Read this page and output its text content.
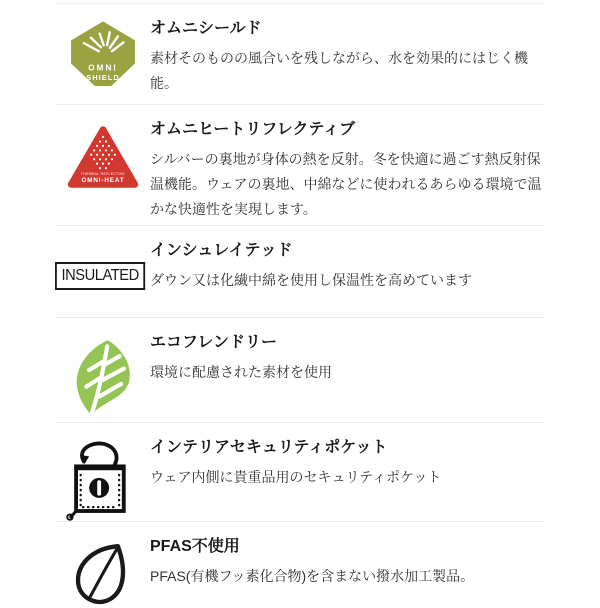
OMNI
SHIELD
オムニシールド

素材そのものの風合いを残しながら、水を効果的にはじく機能。

THERMAL REFLECTIVE
OMNI-HEAT
オムニヒートリフレクティブ

シルバーの裏地が身体の熱を反射。冬を快適に過ごす熱反射保温機能。ウェアの裏地、中綿などに使われるあらゆる環境で温かな快適性を実現します。

INSULATED
インシュレイテッド

ダウン又は化繊中綿を使用し保温性を高めています

エコフレンドリー

環境に配慮された素材を使用

インテリアセキュリティポケット

ウェア内側に貴重品用のセキュリティポケット

PFAS不使用

PFAS(有機フッ素化合物)を含まない撥水加工製品。
